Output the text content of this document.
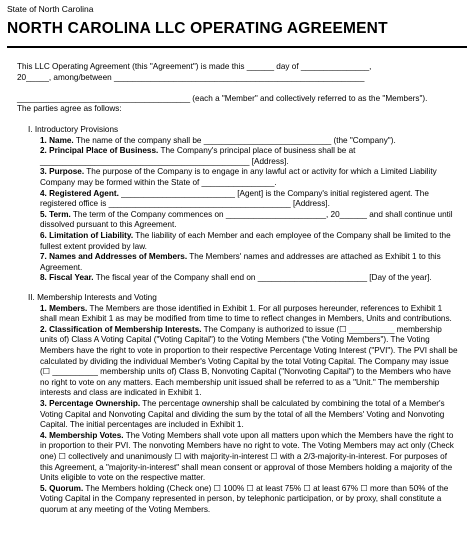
State of North Carolina
NORTH CAROLINA LLC OPERATING AGREEMENT

This LLC Operating Agreement (this "Agreement") is made this ______ day of _______________,

20_____, among/between _______________________________________________________

______________________________________ (each a "Member" and collectively referred to as the "Members").

The parties agree as follows:

I. Introductory Provisions

1. Name. The name of the company shall be ____________________________ (the "Company").

2. Principal Place of Business. The Company's principal place of business shall be at ______________________________________________ [Address].

3. Purpose. The purpose of the Company is to engage in any lawful act or activity for which a Limited Liability Company may be formed within the State of ________________.

4. Registered Agent. _________________________ [Agent] is the Company's initial registered agent. The registered office is ________________________________________ [Address].

5. Term. The term of the Company commences on ______________________, 20______ and shall continue until dissolved pursuant to this Agreement.

6. Limitation of Liability. The liability of each Member and each employee of the Company shall be limited to the fullest extent provided by law.

7. Names and Addresses of Members. The Members' names and addresses are attached as Exhibit 1 to this Agreement.

8. Fiscal Year. The fiscal year of the Company shall end on ________________________ [Day of the year].

II. Membership Interests and Voting

1. Members. The Members are those identified in Exhibit 1. For all purposes hereunder, references to Exhibit 1 shall mean Exhibit 1 as may be modified from time to time to reflect changes in Members, Units and contributions.

2. Classification of Membership Interests. The Company is authorized to issue (☐ __________ membership units of) Class A Voting Capital ("Voting Capital") to the Voting Members ("the Voting Members"). The Voting Members have the right to vote in proportion to their respective Percentage Voting Interest ("PVI"). The PVI shall be calculated by dividing the individual Member's Voting Capital by the total Voting Capital. The Company may issue (☐ __________ membership units of) Class B, Nonvoting Capital ("Nonvoting Capital") to the Members who have no right to vote on any matters. Each membership unit issued shall be referred to as a "Unit." The membership interests and class are indicated in Exhibit 1.

3. Percentage Ownership. The percentage ownership shall be calculated by combining the total of a Member's Voting Capital and Nonvoting Capital and dividing the sum by the total of all the Members' Voting and Nonvoting Capital. The initial percentages are included in Exhibit 1.

4. Membership Votes. The Voting Members shall vote upon all matters upon which the Members have the right to in proportion to their PVI. The nonvoting Members have no right to vote. The Voting Members may act only (Check one) ☐ collectively and unanimously ☐ with majority-in-interest ☐ with a 2/3-majority-in-interest. For purposes of this Agreement, a "majority-in-interest" shall mean consent or approval of those Members holding a majority of the Units eligible to vote on the respective matter.

5. Quorum. The Members holding (Check one) ☐ 100% ☐ at least 75% ☐ at least 67% ☐ more than 50% of the Voting Capital in the Company represented in person, by telephonic participation, or by proxy, shall constitute a quorum at any meeting of the Voting Members.
